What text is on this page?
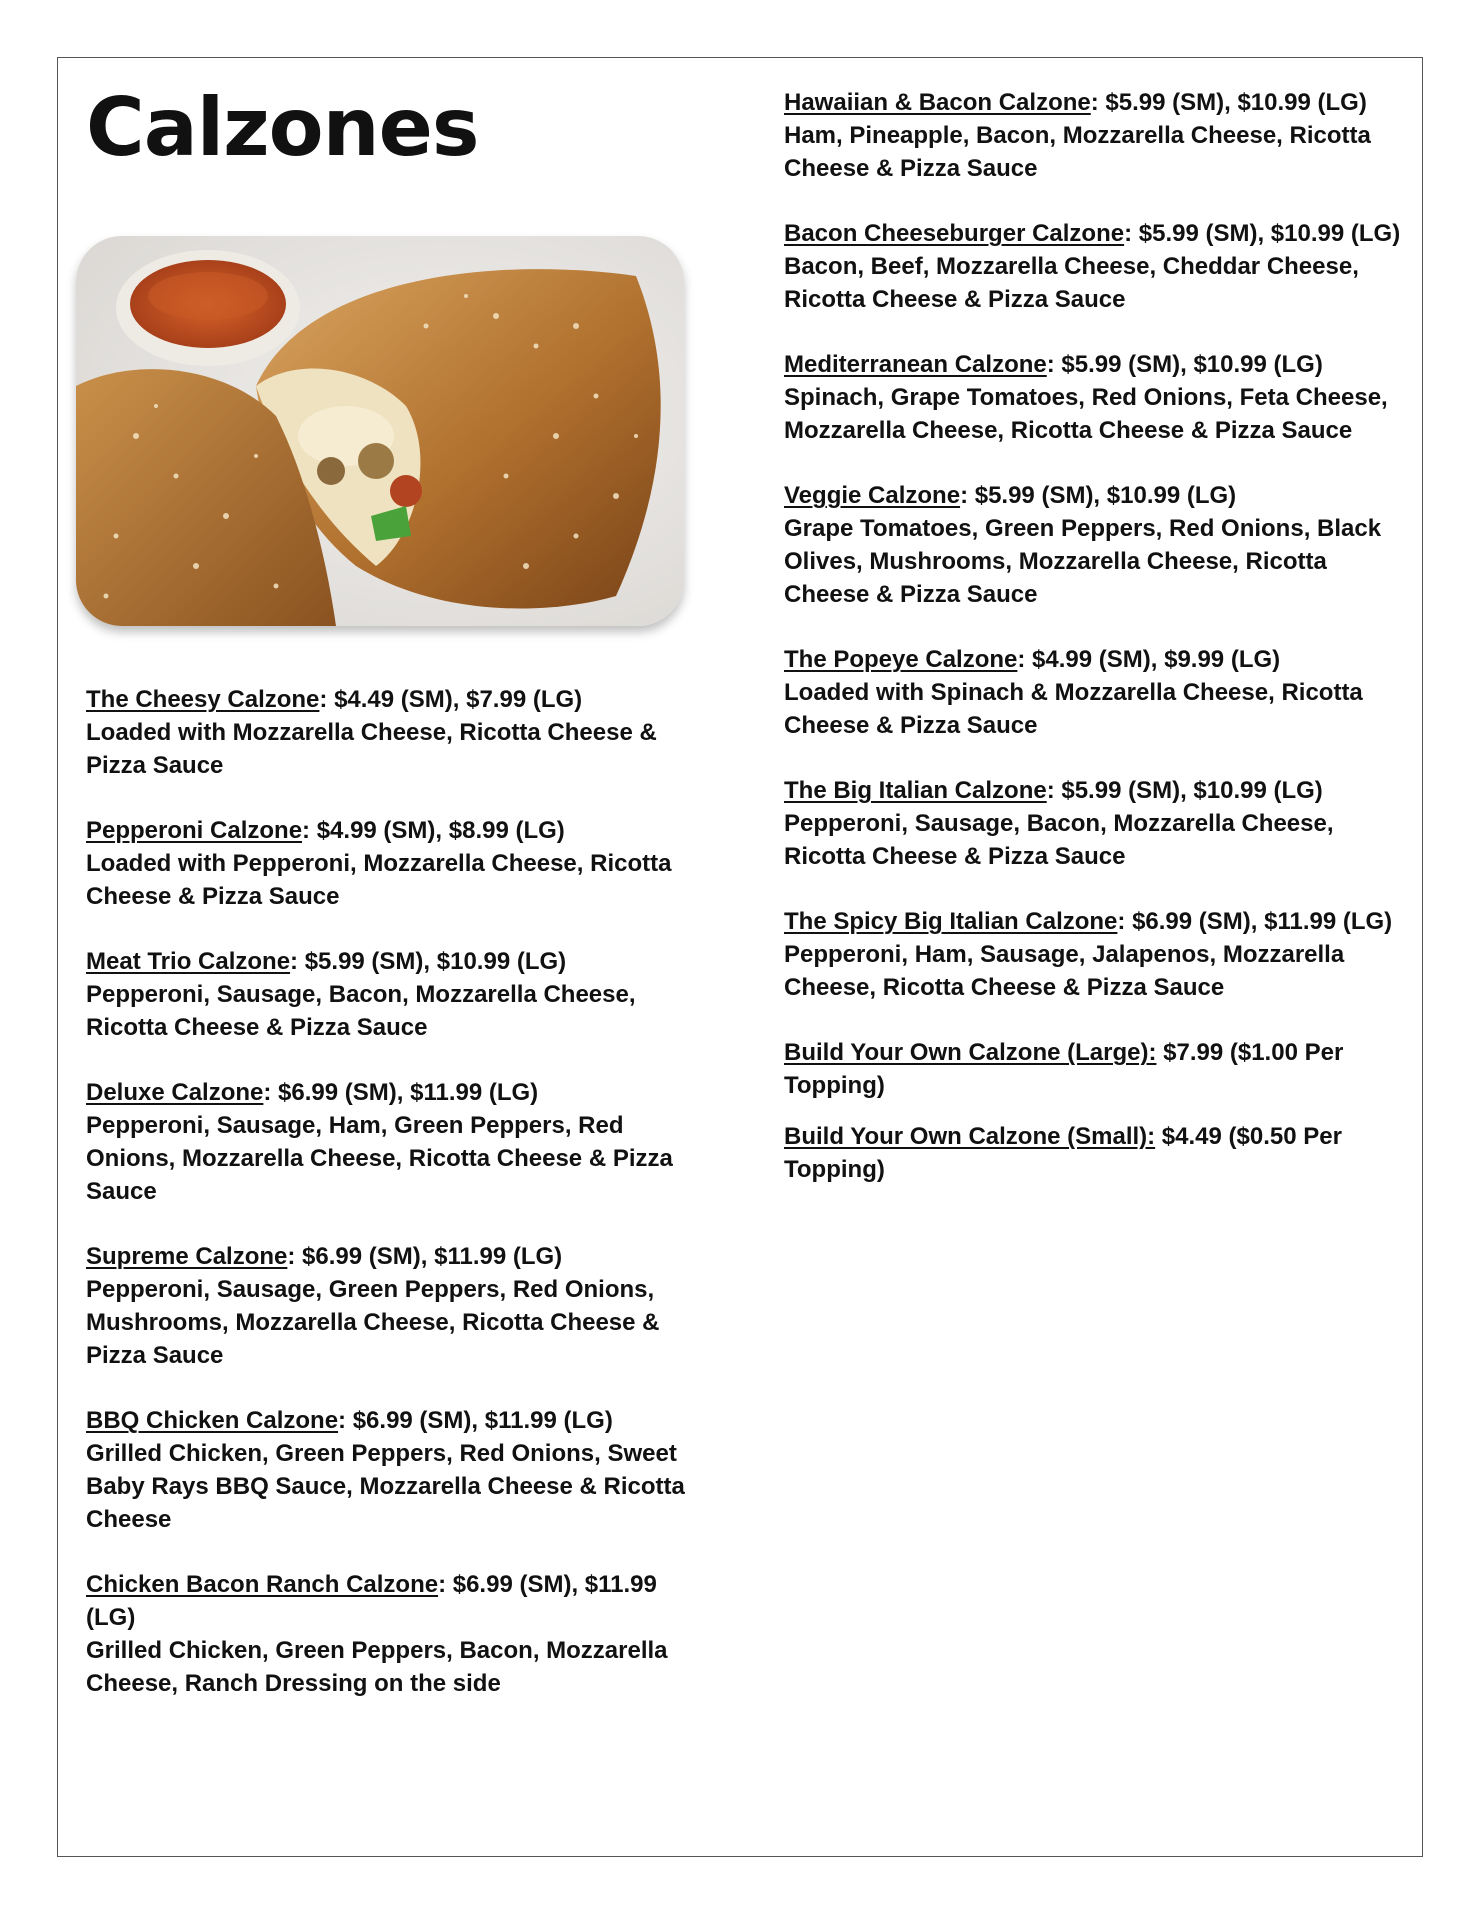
Calzones

The Cheesy Calzone: $4.49 (SM), $7.99 (LG)
Loaded with Mozzarella Cheese, Ricotta Cheese & Pizza Sauce

Pepperoni Calzone: $4.99 (SM), $8.99 (LG)
Loaded with Pepperoni, Mozzarella Cheese, Ricotta Cheese & Pizza Sauce

Meat Trio Calzone: $5.99 (SM), $10.99 (LG)
Pepperoni, Sausage, Bacon, Mozzarella Cheese, Ricotta Cheese & Pizza Sauce

Deluxe Calzone: $6.99 (SM), $11.99 (LG)
Pepperoni, Sausage, Ham, Green Peppers, Red Onions, Mozzarella Cheese, Ricotta Cheese & Pizza Sauce

Supreme Calzone: $6.99 (SM), $11.99 (LG)
Pepperoni, Sausage, Green Peppers, Red Onions, Mushrooms, Mozzarella Cheese, Ricotta Cheese & Pizza Sauce

BBQ Chicken Calzone: $6.99 (SM), $11.99 (LG)
Grilled Chicken, Green Peppers, Red Onions, Sweet Baby Rays BBQ Sauce, Mozzarella Cheese & Ricotta Cheese

Chicken Bacon Ranch Calzone: $6.99 (SM), $11.99 (LG)
Grilled Chicken, Green Peppers, Bacon, Mozzarella Cheese, Ranch Dressing on the side

Hawaiian & Bacon Calzone: $5.99 (SM), $10.99 (LG)
Ham, Pineapple, Bacon, Mozzarella Cheese, Ricotta Cheese & Pizza Sauce

Bacon Cheeseburger Calzone: $5.99 (SM), $10.99 (LG)
Bacon, Beef, Mozzarella Cheese, Cheddar Cheese, Ricotta Cheese & Pizza Sauce

Mediterranean Calzone: $5.99 (SM), $10.99 (LG)
Spinach, Grape Tomatoes, Red Onions, Feta Cheese, Mozzarella Cheese, Ricotta Cheese & Pizza Sauce

Veggie Calzone: $5.99 (SM), $10.99 (LG)
Grape Tomatoes, Green Peppers, Red Onions, Black Olives, Mushrooms, Mozzarella Cheese, Ricotta Cheese & Pizza Sauce

The Popeye Calzone: $4.99 (SM), $9.99 (LG)
Loaded with Spinach & Mozzarella Cheese, Ricotta Cheese & Pizza Sauce

The Big Italian Calzone: $5.99 (SM), $10.99 (LG)
Pepperoni, Sausage, Bacon, Mozzarella Cheese, Ricotta Cheese & Pizza Sauce

The Spicy Big Italian Calzone: $6.99 (SM), $11.99 (LG)
Pepperoni, Ham, Sausage, Jalapenos, Mozzarella Cheese, Ricotta Cheese & Pizza Sauce

Build Your Own Calzone (Large): $7.99 ($1.00 Per Topping)

Build Your Own Calzone (Small): $4.49 ($0.50 Per Topping)
